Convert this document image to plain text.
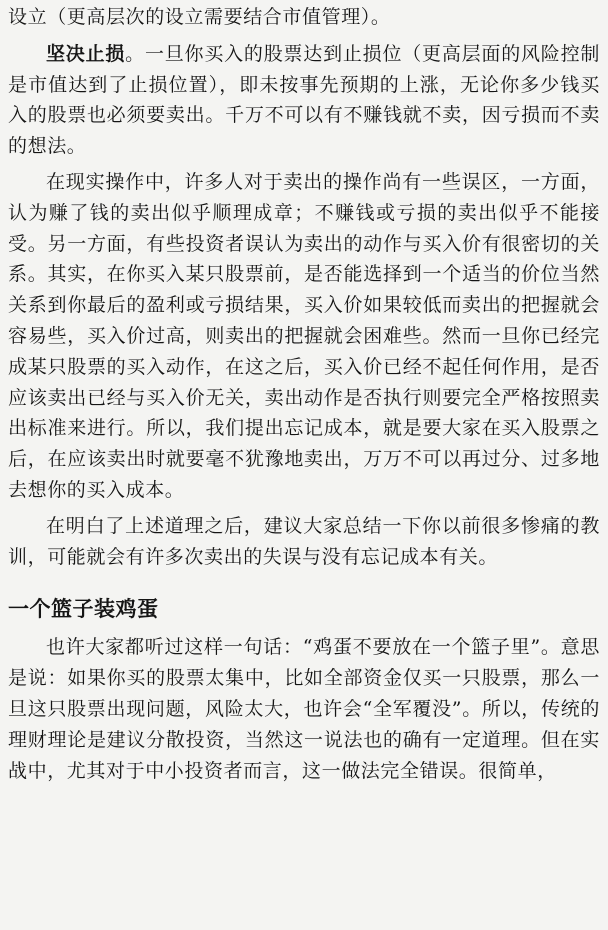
设立（更高层次的设立需要结合市值管理）。

坚决止损。一旦你买入的股票达到止损位（更高层面的风险控制是市值达到了止损位置），即未按事先预期的上涨，无论你多少钱买入的股票也必须要卖出。千万不可以有不赚钱就不卖，因亏损而不卖的想法。

在现实操作中，许多人对于卖出的操作尚有一些误区，一方面，认为赚了钱的卖出似乎顺理成章；不赚钱或亏损的卖出似乎不能接受。另一方面，有些投资者误认为卖出的动作与买入价有很密切的关系。其实，在你买入某只股票前，是否能选择到一个适当的价位当然关系到你最后的盈利或亏损结果，买入价如果较低而卖出的把握就会容易些，买入价过高，则卖出的把握就会困难些。然而一旦你已经完成某只股票的买入动作，在这之后，买入价已经不起任何作用，是否应该卖出已经与买入价无关，卖出动作是否执行则要完全严格按照卖出标准来进行。所以，我们提出忘记成本，就是要大家在买入股票之后，在应该卖出时就要毫不犹豫地卖出，万万不可以再过分、过多地去想你的买入成本。

在明白了上述道理之后，建议大家总结一下你以前很多惨痛的教训，可能就会有许多次卖出的失误与没有忘记成本有关。

一个篮子装鸡蛋

也许大家都听过这样一句话：“鸡蛋不要放在一个篮子里”。意思是说：如果你买的股票太集中，比如全部资金仅买一只股票，那么一旦这只股票出现问题，风险太大，也许会“全军覆没”。所以，传统的理财理论是建议分散投资，当然这一说法也的确有一定道理。但在实战中，尤其对于中小投资者而言，这一做法完全错误。很简单，
